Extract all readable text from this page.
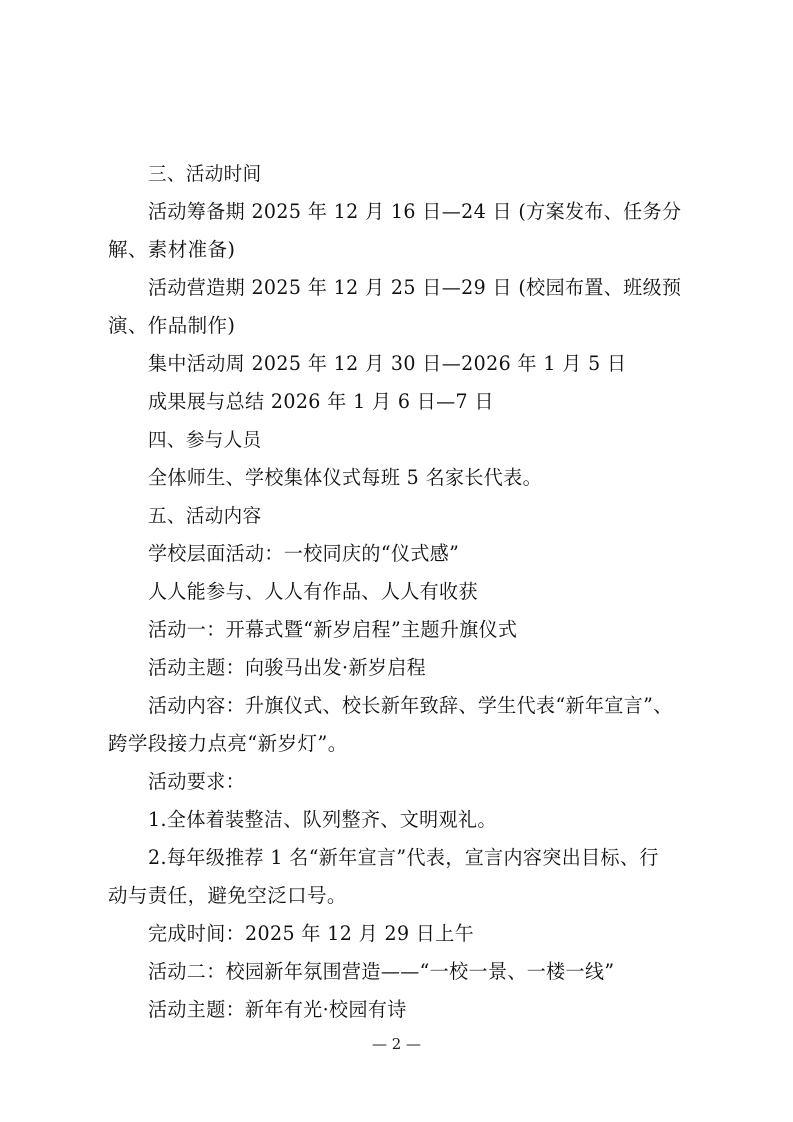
三、活动时间
活动筹备期 2025 年 12 月 16 日—24 日 (方案发布、任务分
解、素材准备)
活动营造期 2025 年 12 月 25 日—29 日 (校园布置、班级预
演、作品制作)
集中活动周 2025 年 12 月 30 日—2026 年 1 月 5 日
成果展与总结 2026 年 1 月 6 日—7 日
四、参与人员
全体师生、学校集体仪式每班 5 名家长代表。
五、活动内容
学校层面活动：一校同庆的“仪式感”
人人能参与、人人有作品、人人有收获
活动一：开幕式暨“新岁启程”主题升旗仪式
活动主题：向骏马出发·新岁启程
活动内容：升旗仪式、校长新年致辞、学生代表“新年宣言”、
跨学段接力点亮“新岁灯”。
活动要求：
1.全体着装整洁、队列整齐、文明观礼。
2.每年级推荐 1 名“新年宣言”代表，宣言内容突出目标、行
动与责任，避免空泛口号。
完成时间：2025 年 12 月 29 日上午
活动二：校园新年氛围营造——“一校一景、一楼一线”
活动主题：新年有光·校园有诗
— 2 —
